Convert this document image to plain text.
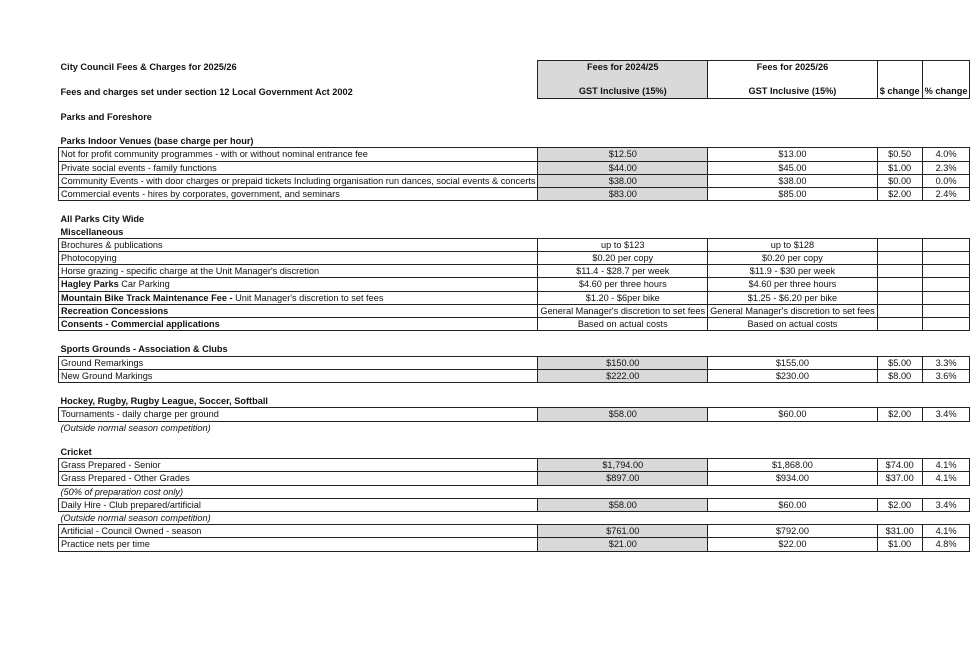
City Council Fees & Charges for 2025/26	Fees for 2024/25	Fees for 2025/26		

Fees and charges set under section 12 Local Government Act 2002	GST Inclusive (15%)	GST Inclusive (15%)	$ change	% change

Parks and Foreshore				

Parks Indoor Venues (base charge per hour)				
Not for profit community programmes - with or without nominal entrance fee	$12.50	$13.00	$0.50	4.0%
Private social events - family functions	$44.00	$45.00	$1.00	2.3%
Community Events - with door charges or prepaid tickets Including organisation run dances, social events & concerts	$38.00	$38.00	$0.00	0.0%
Commercial events - hires by corporates, government, and seminars	$83.00	$85.00	$2.00	2.4%

All Parks City Wide				
Miscellaneous				
Brochures & publications	up to $123	up to $128		
Photocopying	$0.20 per copy	$0.20 per copy		
Horse grazing - specific charge at the Unit Manager's discretion	$11.4 - $28.7 per week	$11.9 - $30 per week		
Hagley Parks Car Parking	$4.60 per three hours	$4.60 per three hours		
Mountain Bike Track Maintenance Fee - Unit Manager's discretion to set fees	$1.20 - $6per bike	$1.25 - $6.20 per bike		
Recreation Concessions	General Manager's discretion to set fees	General Manager's discretion to set fees		
Consents - Commercial applications	Based on actual costs	Based on actual costs		

Sports Grounds - Association & Clubs				
Ground Remarkings	$150.00	$155.00	$5.00	3.3%
New Ground Markings	$222.00	$230.00	$8.00	3.6%

Hockey, Rugby, Rugby League, Soccer, Softball				
Tournaments - daily charge per ground	$58.00	$60.00	$2.00	3.4%
(Outside normal season competition)				

Cricket				
Grass Prepared - Senior	$1,794.00	$1,868.00	$74.00	4.1%
Grass Prepared - Other Grades	$897.00	$934.00	$37.00	4.1%
(50% of preparation cost only)				
Daily Hire - Club prepared/artificial	$58.00	$60.00	$2.00	3.4%
(Outside normal season competition)				
Artificial - Council Owned - season	$761.00	$792.00	$31.00	4.1%
Practice nets per time	$21.00	$22.00	$1.00	4.8%
